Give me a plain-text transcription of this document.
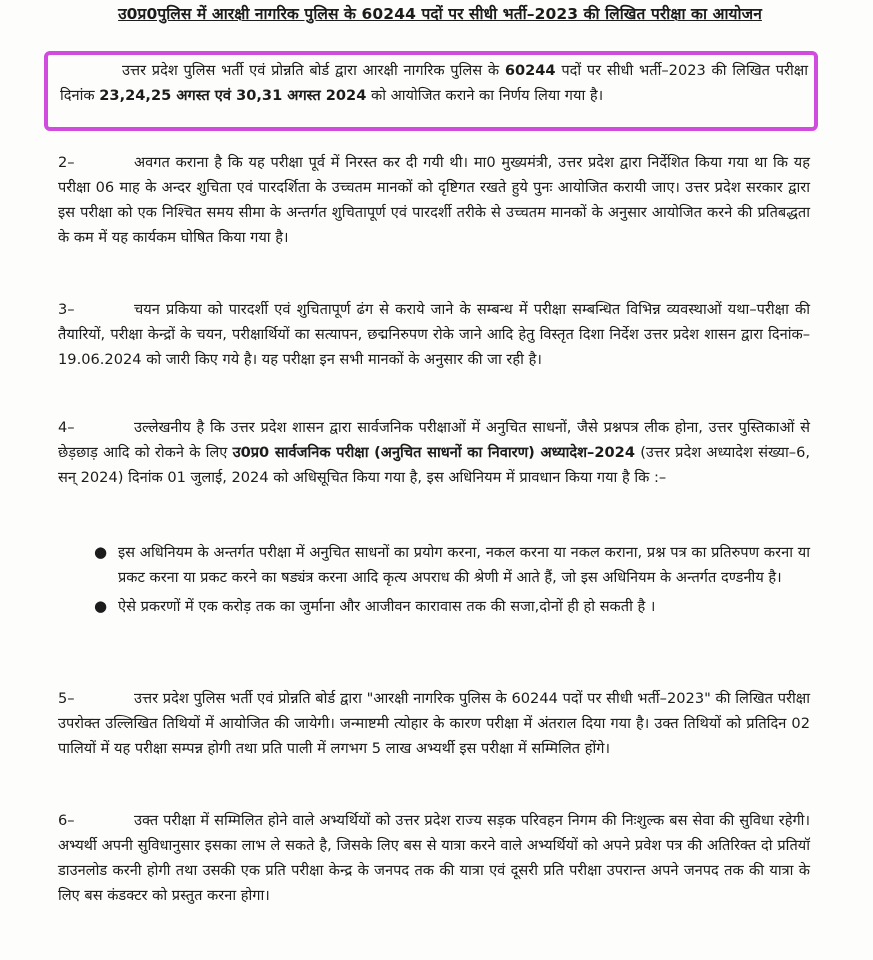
उ0प्र0पुलिस में आरक्षी नागरिक पुलिस के 60244 पदों पर सीधी भर्ती–2023 की लिखित परीक्षा का आयोजन

उत्तर प्रदेश पुलिस भर्ती एवं प्रोन्नति बोर्ड द्वारा आरक्षी नागरिक पुलिस के 60244 पदों पर सीधी भर्ती–2023 की लिखित परीक्षा दिनांक 23,24,25 अगस्त एवं 30,31 अगस्त 2024 को आयोजित कराने का निर्णय लिया गया है।

2–	अवगत कराना है कि यह परीक्षा पूर्व में निरस्त कर दी गयी थी। मा0 मुख्यमंत्री, उत्तर प्रदेश द्वारा निर्देशित किया गया था कि यह परीक्षा 06 माह के अन्दर शुचिता एवं पारदर्शिता के उच्चतम मानकों को दृष्टिगत रखते हुये पुनः आयोजित करायी जाए। उत्तर प्रदेश सरकार द्वारा इस परीक्षा को एक निश्चित समय सीमा के अन्तर्गत शुचितापूर्ण एवं पारदर्शी तरीके से उच्चतम मानकों के अनुसार आयोजित करने की प्रतिबद्धता के कम में यह कार्यकम घोषित किया गया है।

3–	चयन प्रकिया को पारदर्शी एवं शुचितापूर्ण ढंग से कराये जाने के सम्बन्ध में परीक्षा सम्बन्धित विभिन्न व्यवस्थाओं यथा–परीक्षा की तैयारियों, परीक्षा केन्द्रों के चयन, परीक्षार्थियों का सत्यापन, छद्मनिरुपण रोके जाने आदि हेतु विस्तृत दिशा निर्देश उत्तर प्रदेश शासन द्वारा दिनांक–19.06.2024 को जारी किए गये है। यह परीक्षा इन सभी मानकों के अनुसार की जा रही है।

4–	उल्लेखनीय है कि उत्तर प्रदेश शासन द्वारा सार्वजनिक परीक्षाओं में अनुचित साधनों, जैसे प्रश्नपत्र लीक होना, उत्तर पुस्तिकाओं से छेड़छाड़ आदि को रोकने के लिए उ0प्र0 सार्वजनिक परीक्षा (अनुचित साधनों का निवारण) अध्यादेश–2024 (उत्तर प्रदेश अध्यादेश संख्या–6, सन् 2024) दिनांक 01 जुलाई, 2024 को अधिसूचित किया गया है, इस अधिनियम में प्रावधान किया गया है कि :–

● इस अधिनियम के अन्तर्गत परीक्षा में अनुचित साधनों का प्रयोग करना, नकल करना या नकल कराना, प्रश्न पत्र का प्रतिरुपण करना या प्रकट करना या प्रकट करने का षड्यंत्र करना आदि कृत्य अपराध की श्रेणी में आते हैं, जो इस अधिनियम के अन्तर्गत दण्डनीय है।
● ऐसे प्रकरणों में एक करोड़ तक का जुर्माना और आजीवन कारावास तक की सजा,दोनों ही हो सकती है ।

5–	उत्तर प्रदेश पुलिस भर्ती एवं प्रोन्नति बोर्ड द्वारा "आरक्षी नागरिक पुलिस के 60244 पदों पर सीधी भर्ती–2023" की लिखित परीक्षा उपरोक्त उल्लिखित तिथियों में आयोजित की जायेगी। जन्माष्टमी त्योहार के कारण परीक्षा में अंतराल दिया गया है। उक्त तिथियों को प्रतिदिन 02 पालियों में यह परीक्षा सम्पन्न होगी तथा प्रति पाली में लगभग 5 लाख अभ्यर्थी इस परीक्षा में सम्मिलित होंगे।

6–	उक्त परीक्षा में सम्मिलित होने वाले अभ्यर्थियों को उत्तर प्रदेश राज्य सड़क परिवहन निगम की निःशुल्क बस सेवा की सुविधा रहेगी। अभ्यर्थी अपनी सुविधानुसार इसका लाभ ले सकते है, जिसके लिए बस से यात्रा करने वाले अभ्यर्थियों को अपने प्रवेश पत्र की अतिरिक्त दो प्रतियॉ डाउनलोड करनी होगी तथा उसकी एक प्रति परीक्षा केन्द्र के जनपद तक की यात्रा एवं दूसरी प्रति परीक्षा उपरान्त अपने जनपद तक की यात्रा के लिए बस कंडक्टर को प्रस्तुत करना होगा।
